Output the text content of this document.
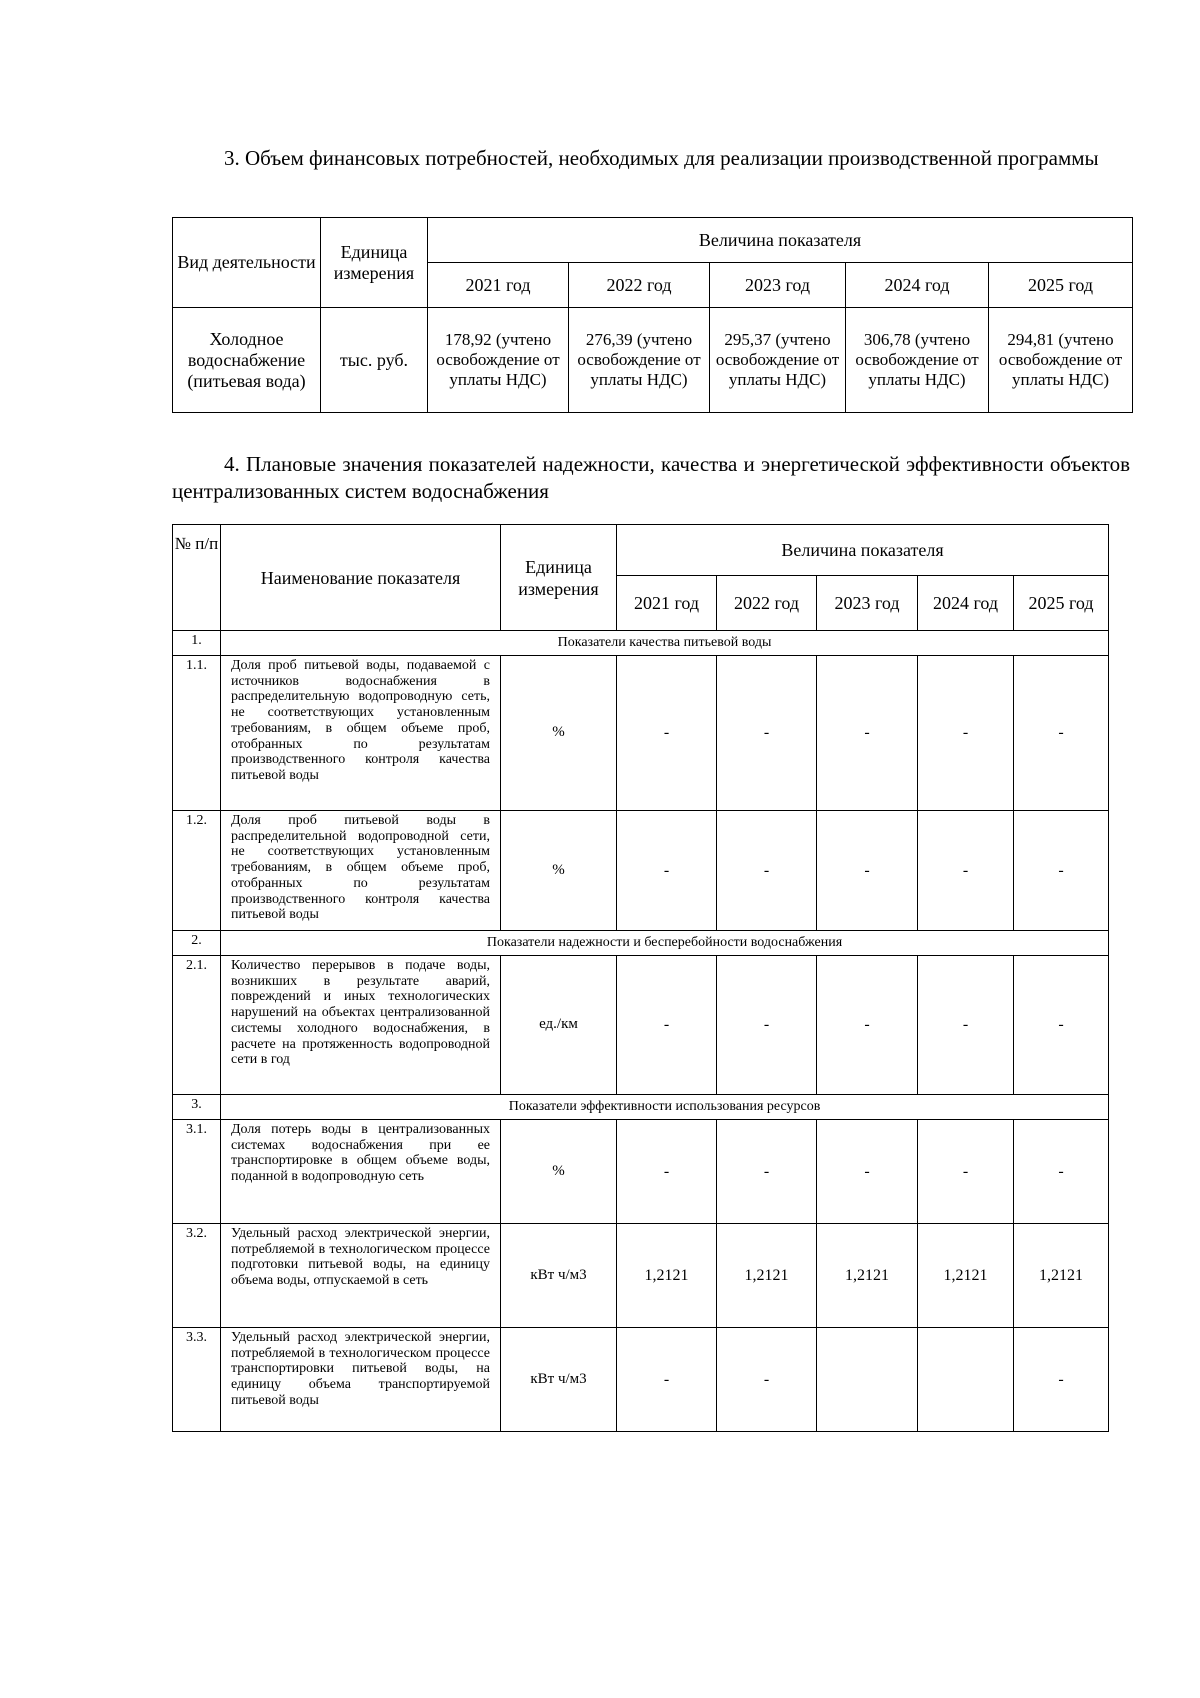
3. Объем финансовых потребностей, необходимых для реализации производственной программы
Вид деятельности	Единица измерения	Величина показателя				
		2021 год	2022 год	2023 год	2024 год	2025 год
Холодное водоснабжение (питьевая вода)	тыс. руб.	178,92 (учтено освобождение от уплаты НДС)	276,39 (учтено освобождение от уплаты НДС)	295,37 (учтено освобождение от уплаты НДС)	306,78 (учтено освобождение от уплаты НДС)	294,81 (учтено освобождение от уплаты НДС)
4. Плановые значения показателей надежности, качества и энергетической эффективности объектов централизованных систем водоснабжения
№ п/п	Наименование показателя	Единица измерения	Величина показателя				
			2021 год	2022 год	2023 год	2024 год	2025 год
1.	Показатели качества питьевой воды						
1.1.	Доля проб питьевой воды, подаваемой с источников водоснабжения в распределительную водопроводную сеть, не соответствующих установленным требованиям, в общем объеме проб, отобранных по результатам производственного контроля качества питьевой воды	%	-	-	-	-	-
1.2.	Доля проб питьевой воды в распределительной водопроводной сети, не соответствующих установленным требованиям, в общем объеме проб, отобранных по результатам производственного контроля качества питьевой воды	%	-	-	-	-	-
2.	Показатели надежности и бесперебойности водоснабжения						
2.1.	Количество перерывов в подаче воды, возникших в результате аварий, повреждений и иных технологических нарушений на объектах централизованной системы холодного водоснабжения, в расчете на протяженность водопроводной сети в год	ед./км	-	-	-	-	-
3.	Показатели эффективности использования ресурсов						
3.1.	Доля потерь воды в централизованных системах водоснабжения при ее транспортировке в общем объеме воды, поданной в водопроводную сеть	%	-	-	-	-	-
3.2.	Удельный расход электрической энергии, потребляемой в технологическом процессе подготовки питьевой воды, на единицу объема воды, отпускаемой в сеть	кВт ч/м3	1,2121	1,2121	1,2121	1,2121	1,2121
3.3.	Удельный расход электрической энергии, потребляемой в технологическом процессе транспортировки питьевой воды, на единицу объема транспортируемой питьевой воды	кВт ч/м3	-	-			-
